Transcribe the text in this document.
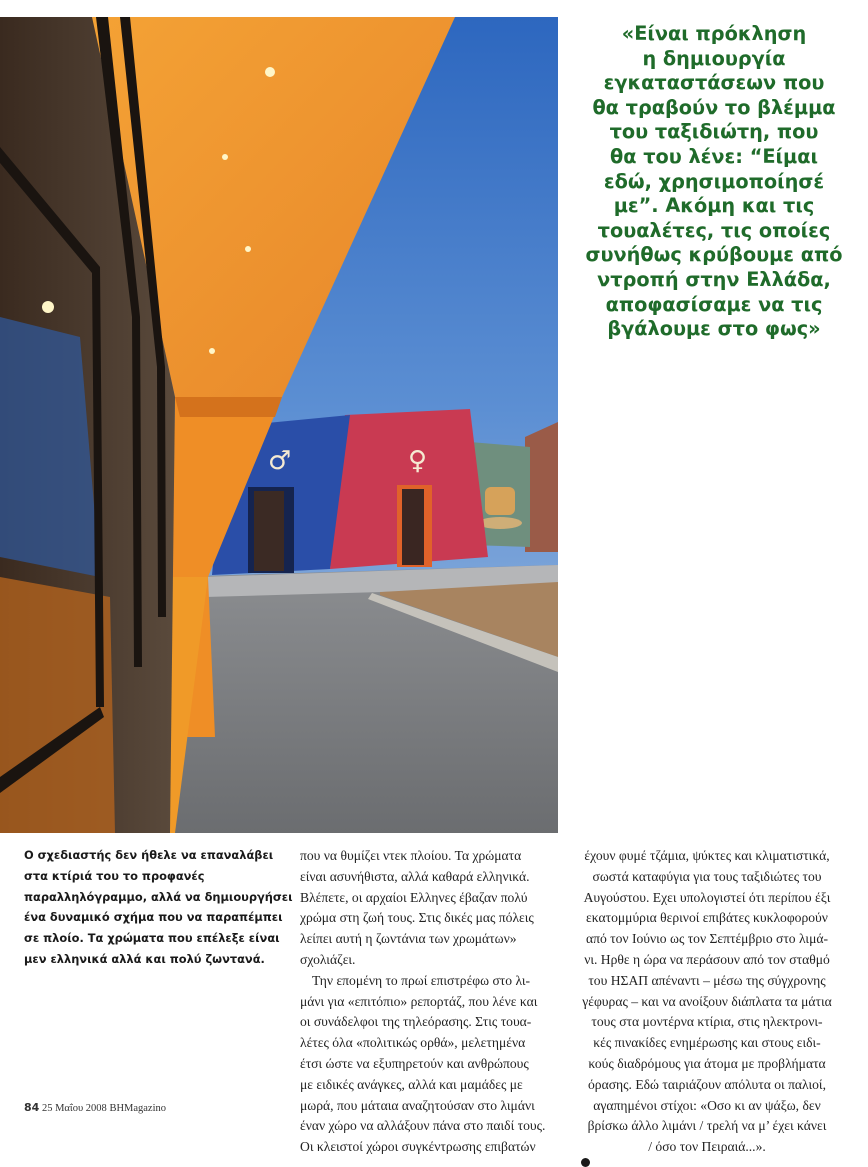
♀
♂

«Είναι πρόκληση
η δημιουργία
εγκαταστάσεων που
θα τραβούν το βλέμμα
του ταξιδιώτη, που
θα του λένε: “Είμαι
εδώ, χρησιμοποίησέ
με”. Ακόμη και τις
τουαλέτες, τις οποίες
συνήθως κρύβουμε από
ντροπή στην Ελλάδα,
αποφασίσαμε να τις
βγάλουμε στο φως»

Ο σχεδιαστής δεν ήθελε να επαναλάβει
στα κτίριά του το προφανές
παραλληλόγραμμο, αλλά να δημιουργήσει
ένα δυναμικό σχήμα που να παραπέμπει
σε πλοίο. Τα χρώματα που επέλεξε είναι
μεν ελληνικά αλλά και πολύ ζωντανά.

που να θυμίζει ντεκ πλοίου. Τα χρώματα
είναι ασυνήθιστα, αλλά καθαρά ελληνικά.
Βλέπετε, οι αρχαίοι Ελληνες έβαζαν πολύ
χρώμα στη ζωή τους. Στις δικές μας πόλεις
λείπει αυτή η ζωντάνια των χρωμάτων»
σχολιάζει.
Την επομένη το πρωί επιστρέφω στο λι-
μάνι για «επιτόπιο» ρεπορτάζ, που λένε και
οι συνάδελφοι της τηλεόρασης. Στις τουα-
λέτες όλα «πολιτικώς ορθά», μελετημένα
έτσι ώστε να εξυπηρετούν και ανθρώπους
με ειδικές ανάγκες, αλλά και μαμάδες με
μωρά, που μάταια αναζητούσαν στο λιμάνι
έναν χώρο να αλλάξουν πάνα στο παιδί τους.
Οι κλειστοί χώροι συγκέντρωσης επιβατών
έχουν φυμέ τζάμια, ψύκτες και κλιματιστικά,
σωστά καταφύγια για τους ταξιδιώτες του
Αυγούστου. Εχει υπολογιστεί ότι περίπου έξι
εκατομμύρια θερινοί επιβάτες κυκλοφορούν
από τον Ιούνιο ως τον Σεπτέμβριο στο λιμά-
νι. Ηρθε η ώρα να περάσουν από τον σταθμό
του ΗΣΑΠ απέναντι – μέσω της σύγχρονης
γέφυρας – και να ανοίξουν διάπλατα τα μάτια
τους στα μοντέρνα κτίρια, στις ηλεκτρονι-
κές πινακίδες ενημέρωσης και στους ειδι-
κούς διαδρόμους για άτομα με προβλήματα
όρασης. Εδώ ταιριάζουν απόλυτα οι παλιοί,
αγαπημένοι στίχοι: «Οσο κι αν ψάξω, δεν
βρίσκω άλλο λιμάνι / τρελή να μ’ έχει κάνει
/ όσο τον Πειραιά...».
84 25 Μαΐου 2008 BHMagazino
